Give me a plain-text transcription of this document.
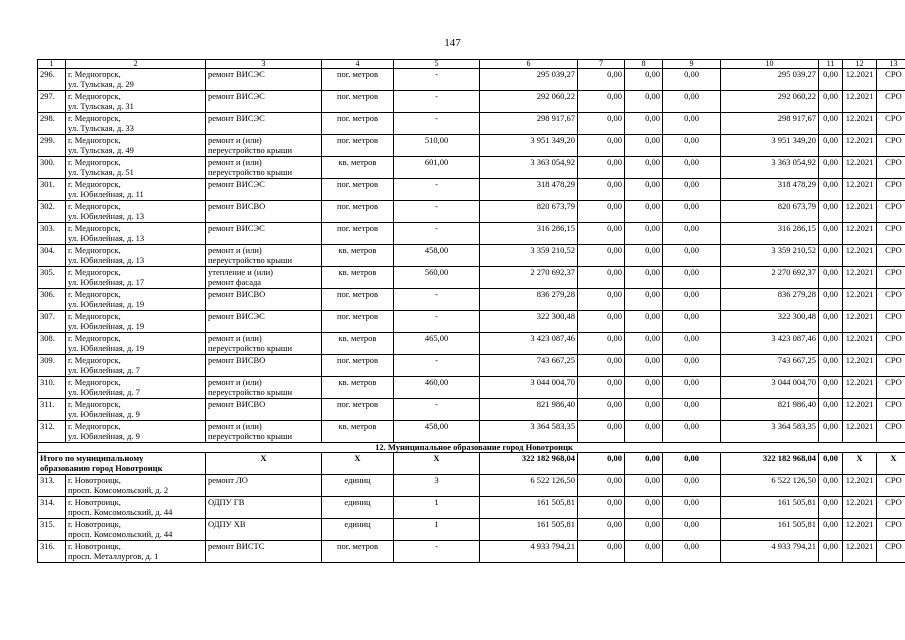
147
1	2	3	4	5	6	7	8	9	10	11	12	13
296.	г. Медногорск,
ул. Тульская, д. 29	ремонт ВИСЭС	пог. метров	-	295 039,27	0,00	0,00	0,00	295 039,27	0,00	12.2021	СРО
297.	г. Медногорск,
ул. Тульская, д. 31	ремонт ВИСЭС	пог. метров	-	292 060,22	0,00	0,00	0,00	292 060,22	0,00	12.2021	СРО
298.	г. Медногорск,
ул. Тульская, д. 33	ремонт ВИСЭС	пог. метров	-	298 917,67	0,00	0,00	0,00	298 917,67	0,00	12.2021	СРО
299.	г. Медногорск,
ул. Тульская, д. 49	ремонт и (или)
переустройство крыши	пог. метров	510,00	3 951 349,20	0,00	0,00	0,00	3 951 349,20	0,00	12.2021	СРО
300.	г. Медногорск,
ул. Тульская, д. 51	ремонт и (или)
переустройство крыши	кв. метров	601,00	3 363 054,92	0,00	0,00	0,00	3 363 054,92	0,00	12.2021	СРО
301.	г. Медногорск,
ул. Юбилейная, д. 11	ремонт ВИСЭС	пог. метров	-	318 478,29	0,00	0,00	0,00	318 478,29	0,00	12.2021	СРО
302.	г. Медногорск,
ул. Юбилейная, д. 13	ремонт ВИСВО	пог. метров	-	820 673,79	0,00	0,00	0,00	820 673,79	0,00	12.2021	СРО
303.	г. Медногорск,
ул. Юбилейная, д. 13	ремонт ВИСЭС	пог. метров	-	316 286,15	0,00	0,00	0,00	316 286,15	0,00	12.2021	СРО
304.	г. Медногорск,
ул. Юбилейная, д. 13	ремонт и (или)
переустройство крыши	кв. метров	458,00	3 359 210,52	0,00	0,00	0,00	3 359 210,52	0,00	12.2021	СРО
305.	г. Медногорск,
ул. Юбилейная, д. 17	утепление и (или)
ремонт фасада	кв. метров	560,00	2 270 692,37	0,00	0,00	0,00	2 270 692,37	0,00	12.2021	СРО
306.	г. Медногорск,
ул. Юбилейная, д. 19	ремонт ВИСВО	пог. метров	-	836 279,28	0,00	0,00	0,00	836 279,28	0,00	12.2021	СРО
307.	г. Медногорск,
ул. Юбилейная, д. 19	ремонт ВИСЭС	пог. метров	-	322 300,48	0,00	0,00	0,00	322 300,48	0,00	12.2021	СРО
308.	г. Медногорск,
ул. Юбилейная, д. 19	ремонт и (или)
переустройство крыши	кв. метров	465,00	3 423 087,46	0,00	0,00	0,00	3 423 087,46	0,00	12.2021	СРО
309.	г. Медногорск,
ул. Юбилейная, д. 7	ремонт ВИСВО	пог. метров	-	743 667,25	0,00	0,00	0,00	743 667,25	0,00	12.2021	СРО
310.	г. Медногорск,
ул. Юбилейная, д. 7	ремонт и (или)
переустройство крыши	кв. метров	460,00	3 044 004,70	0,00	0,00	0,00	3 044 004,70	0,00	12.2021	СРО
311.	г. Медногорск,
ул. Юбилейная, д. 9	ремонт ВИСВО	пог. метров	-	821 986,40	0,00	0,00	0,00	821 986,40	0,00	12.2021	СРО
312.	г. Медногорск,
ул. Юбилейная, д. 9	ремонт и (или)
переустройство крыши	кв. метров	458,00	3 364 583,35	0,00	0,00	0,00	3 364 583,35	0,00	12.2021	СРО
12. Муниципальное образование город Новотроицк												
Итого по муниципальному
образованию город Новотроицк		X	X	X	322 182 968,04	0,00	0,00	0,00	322 182 968,04	0,00	X	X
313.	г. Новотроицк,
просп. Комсомольский, д. 2	ремонт ЛО	единиц	3	6 522 126,50	0,00	0,00	0,00	6 522 126,50	0,00	12.2021	СРО
314.	г. Новотроицк,
просп. Комсомольский, д. 44	ОДПУ ГВ	единиц	1	161 505,81	0,00	0,00	0,00	161 505,81	0,00	12.2021	СРО
315.	г. Новотроицк,
просп. Комсомольский, д. 44	ОДПУ ХВ	единиц	1	161 505,81	0,00	0,00	0,00	161 505,81	0,00	12.2021	СРО
316.	г. Новотроицк,
просп. Металлургов, д. 1	ремонт ВИСТС	пог. метров	-	4 933 794,21	0,00	0,00	0,00	4 933 794,21	0,00	12.2021	СРО
